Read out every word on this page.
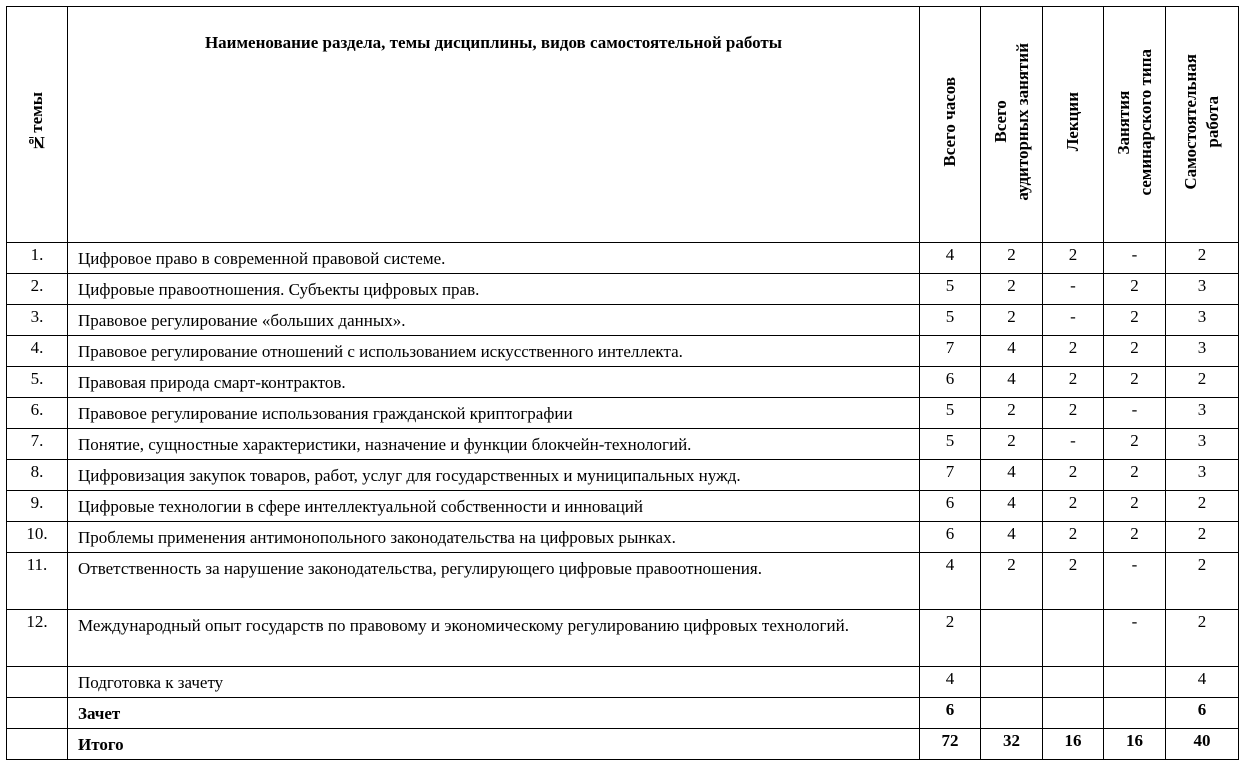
№темы	Наименование раздела, темы дисциплины, видов самостоятельной работы	Всего часов	Всего аудиторных занятий	Лекции	Занятия семинарского типа	Самостоятельная работа
1.	Цифровое право в современной правовой системе.	4	2	2	-	2
2.	Цифровые правоотношения. Субъекты цифровых прав.	5	2	-	2	3
3.	Правовое регулирование «больших данных».	5	2	-	2	3
4.	Правовое регулирование отношений с использованием искусственного интеллекта.	7	4	2	2	3
5.	Правовая природа смарт-контрактов.	6	4	2	2	2
6.	Правовое регулирование использования гражданской криптографии	5	2	2	-	3
7.	Понятие, сущностные характеристики, назначение и функции блокчейн-технологий.	5	2	-	2	3
8.	Цифровизация закупок товаров, работ, услуг для государственных и муниципальных нужд.	7	4	2	2	3
9.	Цифровые технологии в сфере интеллектуальной собственности и инноваций	6	4	2	2	2
10.	Проблемы применения антимонопольного законодательства на цифровых рынках.	6	4	2	2	2
11.	Ответственность за нарушение законодательства, регулирующего цифровые правоотношения.	4	2	2	-	2
12.	Международный опыт государств по правовому и экономическому регулированию цифровых технологий.	2			-	2
	Подготовка к зачету	4				4
	Зачет	6				6
	Итого	72	32	16	16	40
